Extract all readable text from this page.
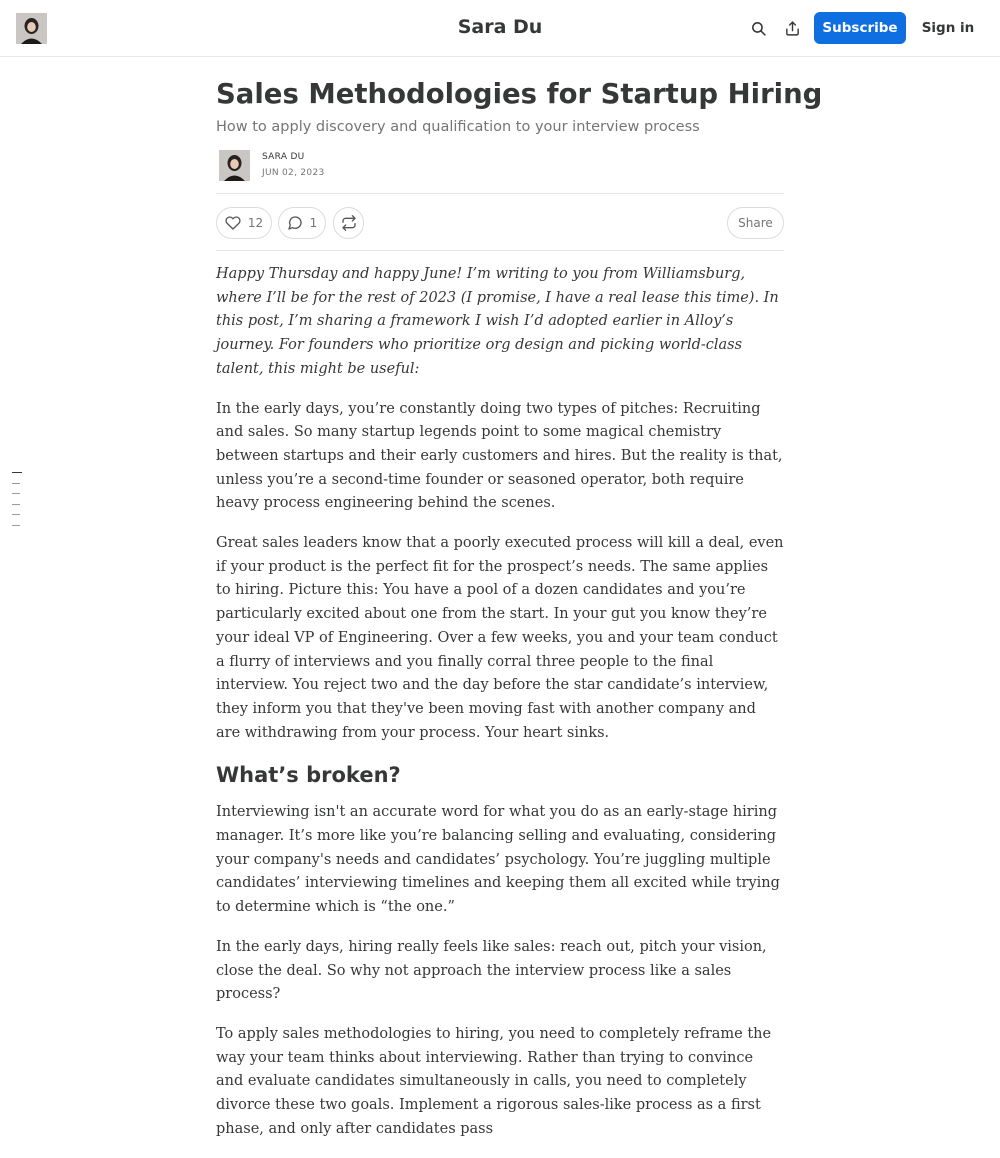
Sara Du	Subscribe	Sign in
Sales Methodologies for Startup Hiring
How to apply discovery and qualification to your interview process
SARA DU
JUN 02, 2023
12	1	Share

Happy Thursday and happy June! I’m writing to you from Williamsburg, where I’ll be for the rest of 2023 (I promise, I have a real lease this time). In this post, I’m sharing a framework I wish I’d adopted earlier in Alloy’s journey. For founders who prioritize org design and picking world-class talent, this might be useful:

In the early days, you’re constantly doing two types of pitches: Recruiting and sales. So many startup legends point to some magical chemistry between startups and their early customers and hires. But the reality is that, unless you’re a second-time founder or seasoned operator, both require heavy process engineering behind the scenes.

Great sales leaders know that a poorly executed process will kill a deal, even if your product is the perfect fit for the prospect’s needs. The same applies to hiring. Picture this: You have a pool of a dozen candidates and you’re particularly excited about one from the start. In your gut you know they’re your ideal VP of Engineering. Over a few weeks, you and your team conduct a flurry of interviews and you finally corral three people to the final interview. You reject two and the day before the star candidate’s interview, they inform you that they've been moving fast with another company and are withdrawing from your process. Your heart sinks.

What’s broken?

Interviewing isn't an accurate word for what you do as an early-stage hiring manager. It’s more like you’re balancing selling and evaluating, considering your company's needs and candidates’ psychology. You’re juggling multiple candidates’ interviewing timelines and keeping them all excited while trying to determine which is “the one.”

In the early days, hiring really feels like sales: reach out, pitch your vision, close the deal. So why not approach the interview process like a sales process?

To apply sales methodologies to hiring, you need to completely reframe the way your team thinks about interviewing. Rather than trying to convince and evaluate candidates simultaneously in calls, you need to completely divorce these two goals. Implement a rigorous sales-like process as a first phase, and only after candidates pass
